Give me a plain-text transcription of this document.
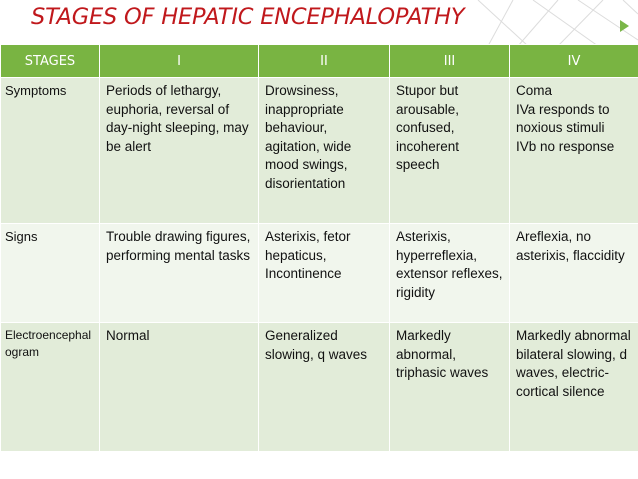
STAGES OF HEPATIC ENCEPHALOPATHY
STAGES	I	II	III	IV
Symptoms	Periods of lethargy, euphoria, reversal of day-night sleeping, may be alert	Drowsiness, inappropriate behaviour, agitation, wide mood swings, disorientation	Stupor but arousable, confused, incoherent speech	Coma
IVa responds to noxious stimuli
IVb no response
Signs	Trouble drawing figures, performing mental tasks	Asterixis, fetor hepaticus, Incontinence	Asterixis, hyperreflexia, extensor reflexes, rigidity	Areflexia, no asterixis, flaccidity
Electroencephalogram	Normal	Generalized slowing, q waves	Markedly abnormal, triphasic waves	Markedly abnormal bilateral slowing, d waves, electric-cortical silence
